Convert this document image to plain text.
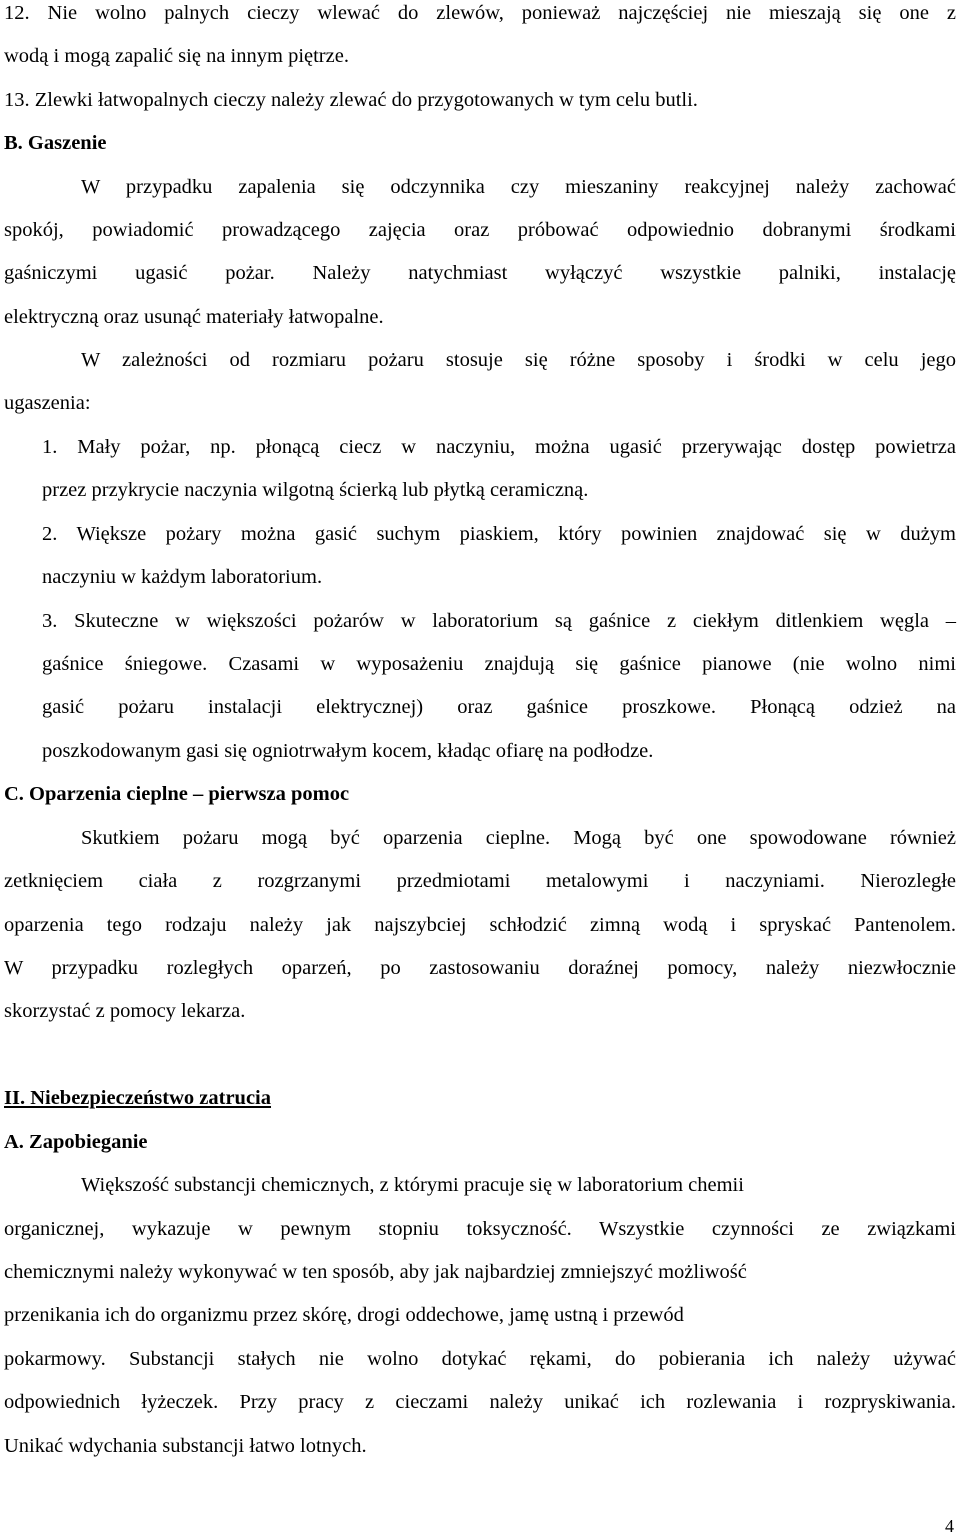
12. Nie wolno palnych cieczy wlewać do zlewów, ponieważ najczęściej nie mieszają się one z
wodą i mogą zapalić się na innym piętrze.
13. Zlewki łatwopalnych cieczy należy zlewać do przygotowanych w tym celu butli.
B. Gaszenie
W przypadku zapalenia się odczynnika czy mieszaniny reakcyjnej należy zachować
spokój, powiadomić prowadzącego zajęcia oraz próbować odpowiednio dobranymi środkami
gaśniczymi ugasić pożar. Należy natychmiast wyłączyć wszystkie palniki, instalację
elektryczną oraz usunąć materiały łatwopalne.
W zależności od rozmiaru pożaru stosuje się różne sposoby i środki w celu jego
ugaszenia:
1. Mały pożar, np. płonącą ciecz w naczyniu, można ugasić przerywając dostęp powietrza
przez przykrycie naczynia wilgotną ścierką lub płytką ceramiczną.
2. Większe pożary można gasić suchym piaskiem, który powinien znajdować się w dużym
naczyniu w każdym laboratorium.
3. Skuteczne w większości pożarów w laboratorium są gaśnice z ciekłym ditlenkiem węgla –
gaśnice śniegowe. Czasami w wyposażeniu znajdują się gaśnice pianowe (nie wolno nimi
gasić pożaru instalacji elektrycznej) oraz gaśnice proszkowe. Płonącą odzież na
poszkodowanym gasi się ogniotrwałym kocem, kładąc ofiarę na podłodze.
C. Oparzenia cieplne – pierwsza pomoc
Skutkiem pożaru mogą być oparzenia cieplne. Mogą być one spowodowane również
zetknięciem ciała z rozgrzanymi przedmiotami metalowymi i naczyniami. Nierozległe
oparzenia tego rodzaju należy jak najszybciej schłodzić zimną wodą i spryskać Pantenolem.
W przypadku rozległych oparzeń, po zastosowaniu doraźnej pomocy, należy niezwłocznie
skorzystać z pomocy lekarza.
II. Niebezpieczeństwo zatrucia
A. Zapobieganie
Większość substancji chemicznych, z którymi pracuje się w laboratorium chemii
organicznej, wykazuje w pewnym stopniu toksyczność. Wszystkie czynności ze związkami
chemicznymi należy wykonywać w ten sposób, aby jak najbardziej zmniejszyć możliwość
przenikania ich do organizmu przez skórę, drogi oddechowe, jamę ustną i przewód
pokarmowy. Substancji stałych nie wolno dotykać rękami, do pobierania ich należy używać
odpowiednich łyżeczek. Przy pracy z cieczami należy unikać ich rozlewania i rozpryskiwania.
Unikać wdychania substancji łatwo lotnych.
4
